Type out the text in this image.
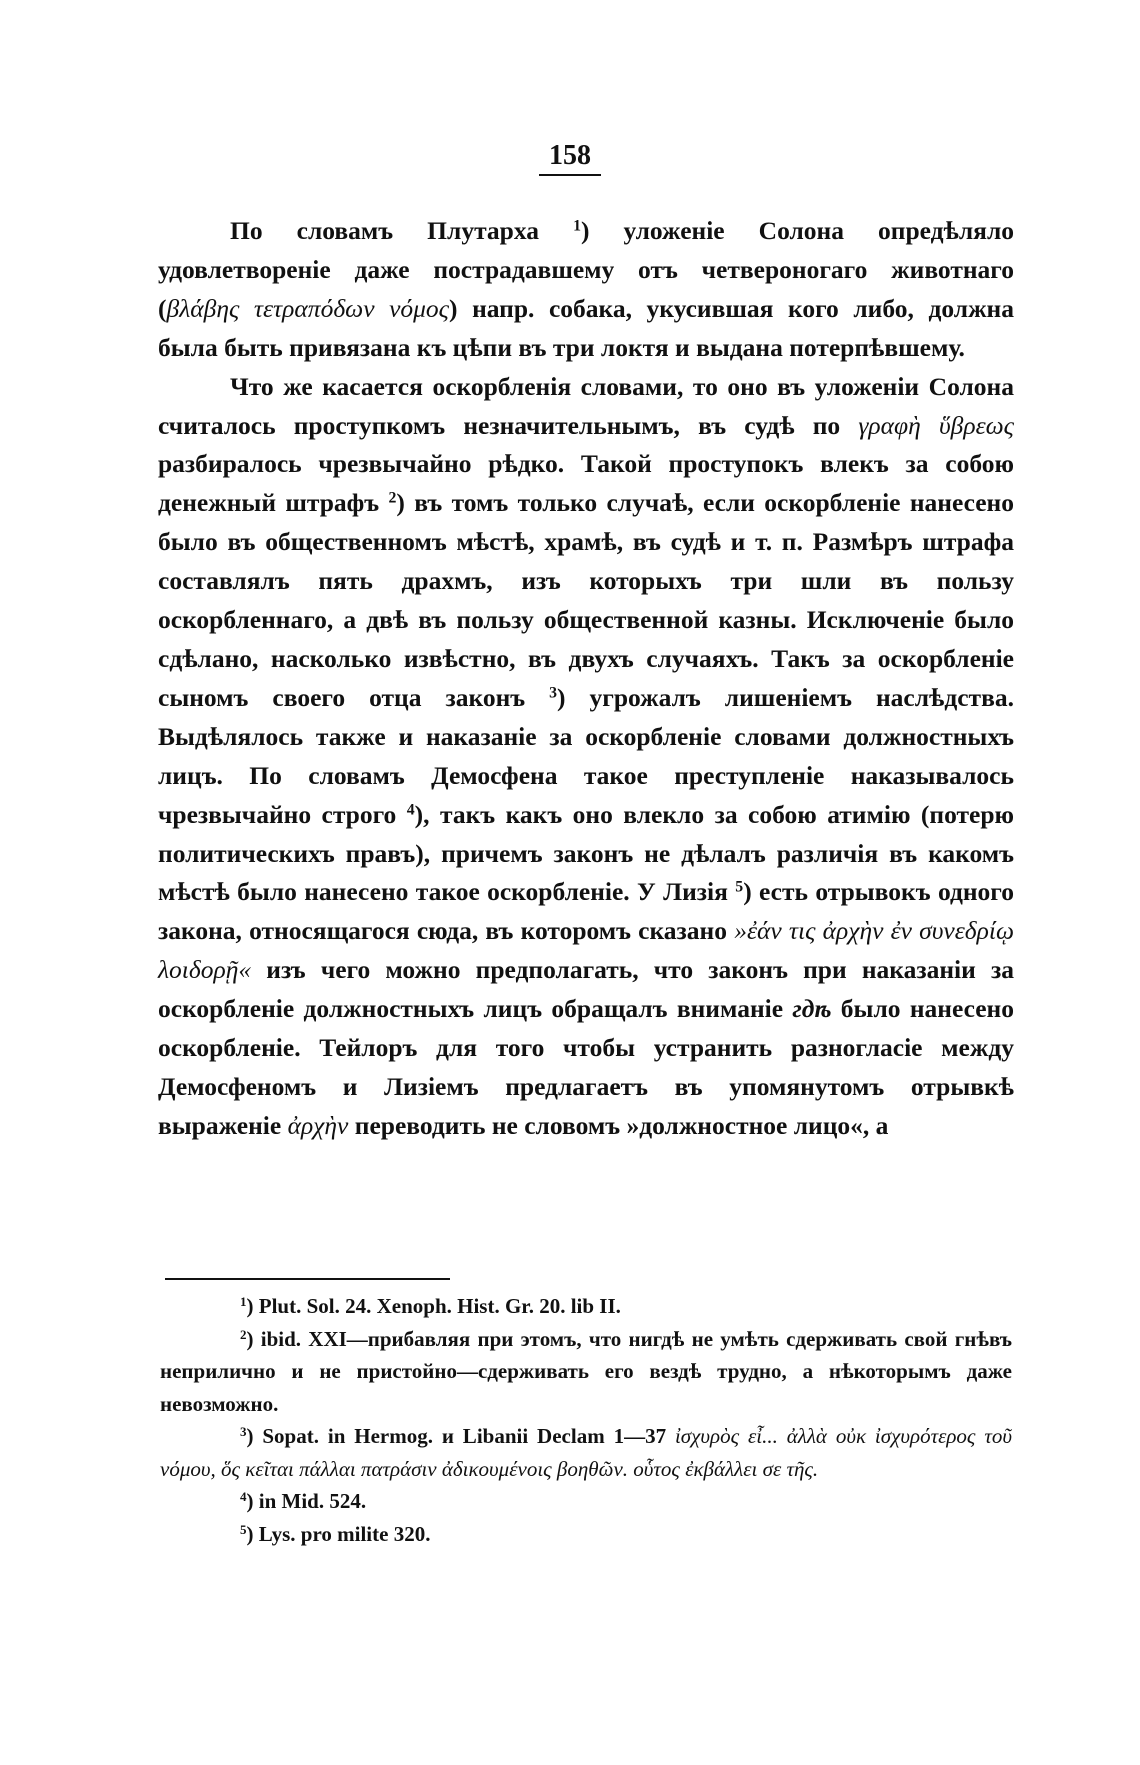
158

По словамъ Плутарха $^1$) уложеніе Солона опредѣляло удовлетвореніе даже пострадавшему отъ четвероногаго животнаго (βλάβης τετραπόδων νόμος) напр. собака, укусившая кого либо, должна была быть привязана къ цѣпи въ три локтя и выдана потерпѣвшему.

Что же касается оскорбленія словами, то оно въ уложеніи Солона считалось проступкомъ незначительнымъ, въ судѣ по γραφὴ ὕβρεως разбиралось чрезвычайно рѣдко. Такой проступокъ влекъ за собою денежный штрафъ $^2$) въ томъ только случаѣ, если оскорбленіе нанесено было въ общественномъ мѣстѣ, храмѣ, въ судѣ и т. п. Размѣръ штрафа составлялъ пять драхмъ, изъ которыхъ три шли въ пользу оскорбленнаго, а двѣ въ пользу общественной казны. Исключеніе было сдѣлано, насколько извѣстно, въ двухъ случаяхъ. Такъ за оскорбленіе сыномъ своего отца законъ $^3$) угрожалъ лишеніемъ наслѣдства. Выдѣлялось также и наказаніе за оскорбленіе словами должностныхъ лицъ. По словамъ Демосфена такое преступленіе наказывалось чрезвычайно строго $^4$), такъ какъ оно влекло за собою атимію (потерю политическихъ правъ), причемъ законъ не дѣлалъ различія въ какомъ мѣстѣ было нанесено такое оскорбленіе. У Лизія $^5$) есть отрывокъ одного закона, относящагося сюда, въ которомъ сказано »ἐάν τις ἀρχὴν ἐν συνεδρίῳ λοιδορῇ« изъ чего можно предполагать, что законъ при наказаніи за оскорбленіе должностныхъ лицъ обращалъ вниманіе гдѣ было нанесено оскорбленіе. Тейлоръ для того чтобы устранить разногласіе между Демосфеномъ и Лизіемъ предлагаетъ въ упомянутомъ отрывкѣ выраженіе ἀρχὴν переводить не словомъ »должностное лицо«, а

$^1$) Plut. Sol. 24. Xenoph. Hist. Gr. 20. lib II.

$^2$) ibid. XXI—прибавляя при этомъ, что нигдѣ не умѣть сдерживать свой гнѣвъ неприлично и не пристойно—сдерживать его вездѣ трудно, а нѣкоторымъ даже невозможно.

$^3$) Sopat. in Hermog. и Libanii Declam 1—37 ἰσχυρὸς εἶ... ἀλλὰ οὐκ ἰσχυρότερος τοῦ νόμου, ὅς κεῖται πάλλαι πατράσιν ἀδικουμένοις βοηθῶν. οὗτος ἐκβάλλει σε τῆς.

$^4$) in Mid. 524.

$^5$) Lys. pro milite 320.
